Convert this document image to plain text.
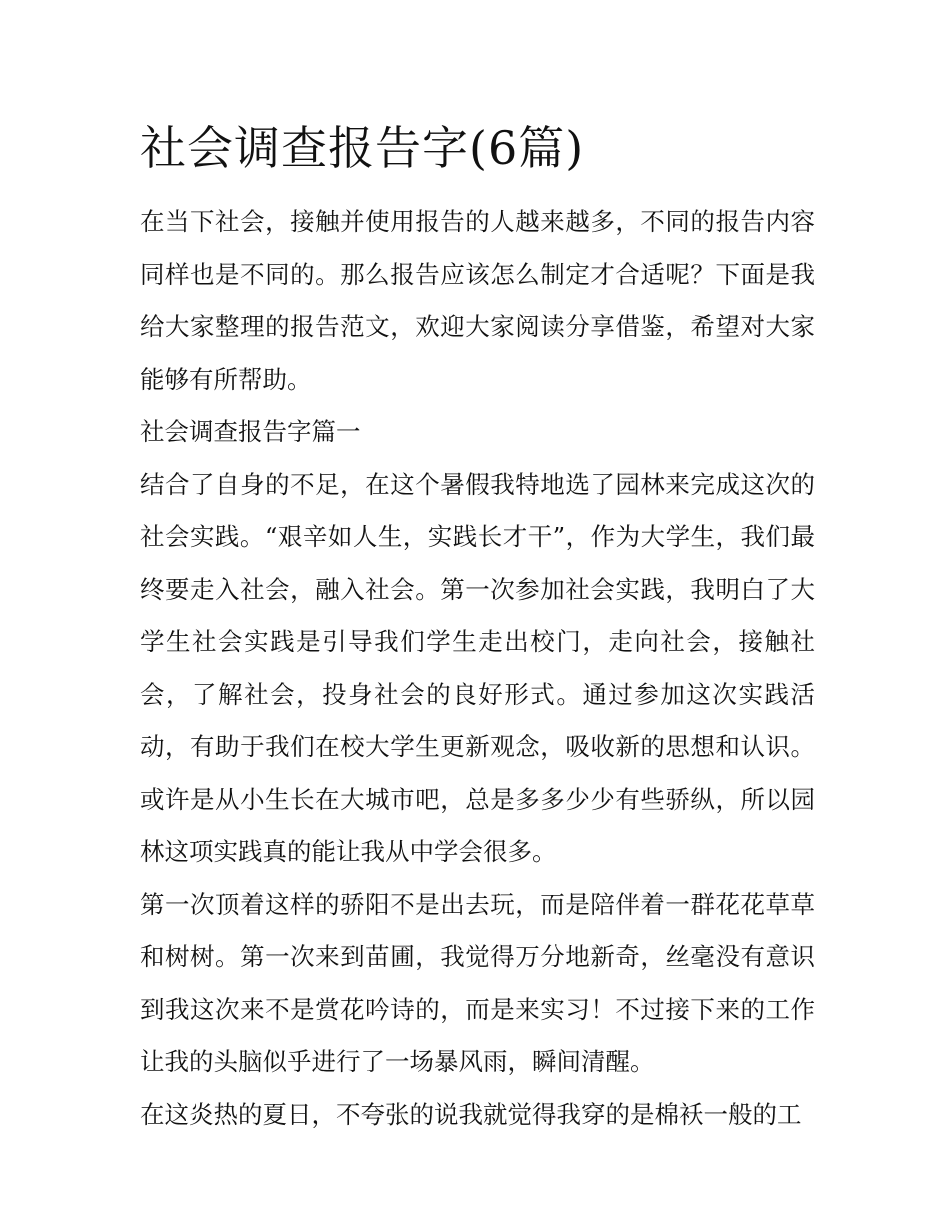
社会调查报告字(6篇)

在当下社会，接触并使用报告的人越来越多，不同的报告内容同样也是不同的。那么报告应该怎么制定才合适呢？下面是我给大家整理的报告范文，欢迎大家阅读分享借鉴，希望对大家能够有所帮助。

社会调查报告字篇一

结合了自身的不足，在这个暑假我特地选了园林来完成这次的社会实践。“艰辛如人生，实践长才干”，作为大学生，我们最终要走入社会，融入社会。第一次参加社会实践，我明白了大学生社会实践是引导我们学生走出校门，走向社会，接触社会，了解社会，投身社会的良好形式。通过参加这次实践活动，有助于我们在校大学生更新观念，吸收新的思想和认识。或许是从小生长在大城市吧，总是多多少少有些骄纵，所以园林这项实践真的能让我从中学会很多。

第一次顶着这样的骄阳不是出去玩，而是陪伴着一群花花草草和树树。第一次来到苗圃，我觉得万分地新奇，丝毫没有意识到我这次来不是赏花吟诗的，而是来实习！不过接下来的工作让我的头脑似乎进行了一场暴风雨，瞬间清醒。

在这炎热的夏日，不夸张的说我就觉得我穿的是棉袄一般的工
